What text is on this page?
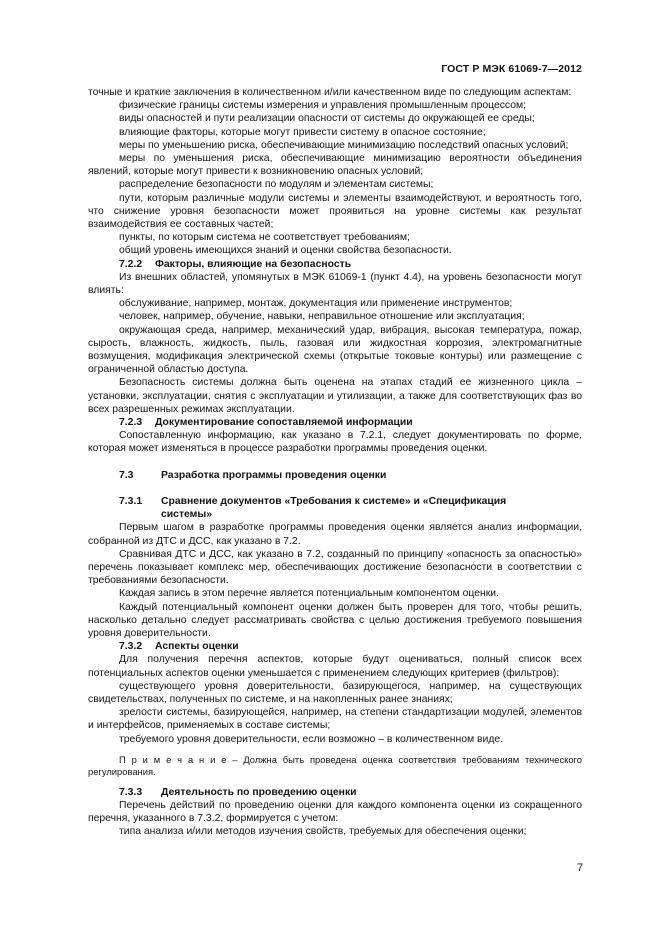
ГОСТ Р МЭК 61069-7—2012

точные и краткие заключения в количественном и/или качественном виде по следующим аспектам:

физические границы системы измерения и управления промышленным процессом;

виды опасностей и пути реализации опасности от системы до окружающей ее среды;

влияющие факторы, которые могут привести систему в опасное состояние;

меры по уменьшению риска, обеспечивающие минимизацию последствий опасных условий;

меры по уменьшения риска, обеспечивающие минимизацию вероятности объединения явлений, которые могут привести к возникновению опасных условий;

распределение безопасности по модулям и элементам системы;

пути, которым различные модули системы и элементы взаимодействуют, и вероятность того, что снижение уровня безопасности может проявиться на уровне системы как результат взаимодействия ее составных частей;

пункты, по которым система не соответствует требованиям;

общий уровень имеющихся знаний и оценки свойства безопасности.

7.2.2 Факторы, влияющие на безопасность

Из внешних областей, упомянутых в МЭК 61069-1 (пункт 4.4), на уровень безопасности могут влиять:

обслуживание, например, монтаж, документация или применение инструментов;

человек, например, обучение, навыки, неправильное отношение или эксплуатация;

окружающая среда, например, механический удар, вибрация, высокая температура, пожар, сырость, влажность, жидкость, пыль, газовая или жидкостная коррозия, электромагнитные возмущения, модификация электрической схемы (открытые токовые контуры) или размещение с ограниченной областью доступа.

Безопасность системы должна быть оценена на этапах стадий ее жизненного цикла – установки, эксплуатации, снятия с эксплуатации и утилизации, а также для соответствующих фаз во всех разрешенных режимах эксплуатации.

7.2.3 Документирование сопоставляемой информации

Сопоставленную информацию, как указано в 7.2.1, следует документировать по форме, которая может изменяться в процессе разработки программы проведения оценки.

7.3	Разработка программы проведения оценки
7.3.1 Сравнение документов «Требования к системе» и «Спецификация системы»

Первым шагом в разработке программы проведения оценки является анализ информации, собранной из ДТС и ДCC, как указано в 7.2.

Сравнивая ДТС и ДCC, как указано в 7.2, созданный по принципу «опасность за опасностью» перечень показывает комплекс мер, обеспечивающих достижение безопасности в соответствии с требованиями безопасности.

Каждая запись в этом перечне является потенциальным компонентом оценки.

Каждый потенциальный компонент оценки должен быть проверен для того, чтобы решить, насколько детально следует рассматривать свойства с целью достижения требуемого повышения уровня доверительности.

7.3.2 Аспекты оценки

Для получения перечня аспектов, которые будут оцениваться, полный список всех потенциальных аспектов оценки уменьшается с применением следующих критериев (фильтров):

существующего уровня доверительности, базирующегося, например, на существующих свидетельствах, полученных по системе, и на накопленных ранее знаниях;

зрелости системы, базирующейся, например, на степени стандартизации модулей, элементов и интерфейсов, применяемых в составе системы;

требуемого уровня доверительности, если возможно – в количественном виде.

П р и м е ч а н и е – Должна быть проведена оценка соответствия требованиям технического регулирования.

7.3.3 Деятельность по проведению оценки

Перечень действий по проведению оценки для каждого компонента оценки из сокращенного перечня, указанного в 7.3.2, формируется с учетом:

типа анализа и/или методов изучения свойств, требуемых для обеспечения оценки;

7
